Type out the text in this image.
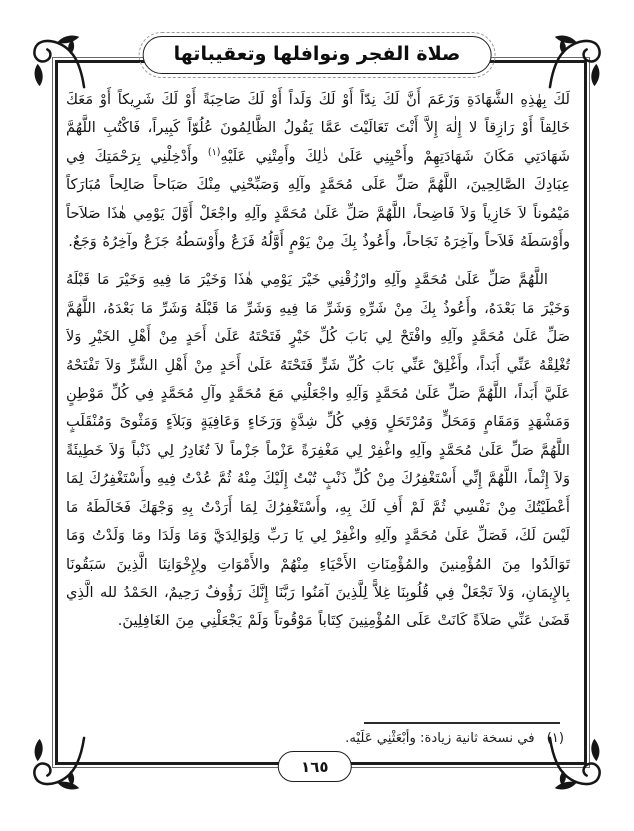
صلاة الفجر ونوافلها وتعقيباتها

لَكَ بِهٰذِهِ الشَّهَادَةِ وَزَعَمَ أَنَّ لَكَ نِدّاً أَوْ لَكَ وَلَداً أَوْ لَكَ صَاحِبَةً أَوْ لَكَ شَرِيكاً أَوْ مَعَكَ خَالِقاً أَوْ رَازِقاً لا إِلٰهَ إِلاَّ أَنْتَ تَعَالَيْتَ عَمَّا يَقُولُ الظَّالِمُونَ عُلُوّاً كَبِيراً، فَاكْتُبِ اللَّهُمَّ شَهَادَتِي مَكَانَ شَهَادَتِهِمْ وأَحْيِنِي عَلَىٰ ذٰلِكَ وأَمِتْنِي عَلَيْهِ$^{(١)}$ وأَدْخِلْنِي بِرَحْمَتِكَ فِي عِبَادِكَ الصَّالِحِينَ، اللَّهُمَّ صَلِّ عَلَى مُحَمَّدٍ وآلِهِ وَصَبِّحْنِي مِنْكَ صَبَاحاً صَالِحاً مُبَارَكاً مَيْمُوناً لاَ خَازِياً وَلاَ فَاضِحاً، اللَّهُمَّ صَلِّ عَلَىٰ مُحَمَّدٍ وآلِهِ واجْعَلْ أَوَّلَ يَوْمِي هٰذَا صَلاَحاً وأَوْسَطَهُ فَلاَحاً وآخِرَهُ نَجَاحاً، وأَعُوذُ بِكَ مِنْ يَوْمٍ أَوَّلُهُ فَزَعٌ وأَوْسَطُهُ جَزَعٌ وآخِرُهُ وَجَعٌ.

اللَّهُمَّ صَلِّ عَلَىٰ مُحَمَّدٍ وآلِهِ وارْزُقْنِي خَيْرَ يَوْمِي هٰذَا وَخَيْرَ مَا فِيهِ وَخَيْرَ مَا قَبْلَهُ وَخَيْرَ مَا بَعْدَهُ، وأَعُوذُ بِكَ مِنْ شَرِّهِ وَشَرِّ مَا فِيهِ وَشَرِّ مَا قَبْلَهُ وَشَرِّ مَا بَعْدَهُ، اللَّهُمَّ صَلِّ عَلَىٰ مُحَمَّدٍ وآلِهِ وافْتَحْ لِي بَابَ كُلِّ خَيْرٍ فَتَحْتَهُ عَلَىٰ أَحَدٍ مِنْ أَهْلِ الخَيْرِ وَلاَ تُغْلِقْهُ عَنِّي أَبَداً، وأَغْلِقْ عَنِّي بَابَ كُلِّ شَرٍّ فَتَحْتَهُ عَلَىٰ أَحَدٍ مِنْ أَهْلِ الشَّرِّ وَلاَ تَفْتَحْهُ عَلَيَّ أَبَداً، اللَّهُمَّ صَلِّ عَلَىٰ مُحَمَّدٍ وَآلِهِ واجْعَلْنِي مَعَ مُحَمَّدٍ وآلِ مُحَمَّدٍ فِي كُلِّ مَوْطِنٍ وَمَشْهَدٍ وَمَقَامٍ وَمَحَلٍّ وَمُرْتَحَلٍ وَفِي كُلِّ شِدَّةٍ وَرَخَاءٍ وَعَافِيَةٍ وَبَلاَءٍ وَمَثْوىً وَمُنْقَلَبٍ اللَّهُمَّ صَلِّ عَلَىٰ مُحَمَّدٍ وآلِهِ واغْفِرْ لِي مَغْفِرَةً عَزْماً جَزْماً لاَ تُغَادِرُ لِي ذَنْباً وَلاَ خَطِيئَةً وَلاَ إِثْماً، اللَّهُمَّ إِنِّي أَسْتَغْفِرُكَ مِنْ كُلِّ ذَنْبٍ تُبْتُ إِلَيْكَ مِنْهُ ثُمَّ عُدْتُ فِيهِ وأَسْتَغْفِرُكَ لِمَا أَعْطَيْتُكَ مِنْ نَفْسِي ثُمَّ لَمْ أَفِ لَكَ بِهِ، وأَسْتَغْفِرُكَ لِمَا أَرَدْتُ بِهِ وَجْهَكَ فَخَالَطَهُ مَا لَيْسَ لَكَ، فَصَلِّ عَلَىٰ مُحَمَّدٍ وآلِهِ واغْفِرْ لِي يَا رَبِّ وَلِوَالِدَيَّ وَمَا وَلَدَا ومَا وَلَدْتُ وَمَا تَوَالَدُوا مِنَ المُؤْمِنينَ والمُؤْمِنَاتِ الأَحْيَاءِ مِنْهُمْ والأَمْوَاتِ ولِإِخْوَانِنَا الَّذِينَ سَبَقُونَا بِالإِيمَانِ، وَلاَ تَجْعَلْ فِي قُلُوبِنَا غِلاًّ لِلَّذِينَ آمَنُوا رَبَّنَا إِنَّكَ رَؤُوفٌ رَحِيمٌ، الحَمْدُ لله الَّذِي قَضَىٰ عَنِّي صَلاَةً كَانَتْ عَلَى المُؤْمِنِينَ كِتَاباً مَوْقُوتاً وَلَمْ يَجْعَلْنِي مِنَ الغَافِلِينَ.

(١)
في نسخة ثانية زيادة: وأبْعَثْنِي عَلَيْه.
١٦٥
